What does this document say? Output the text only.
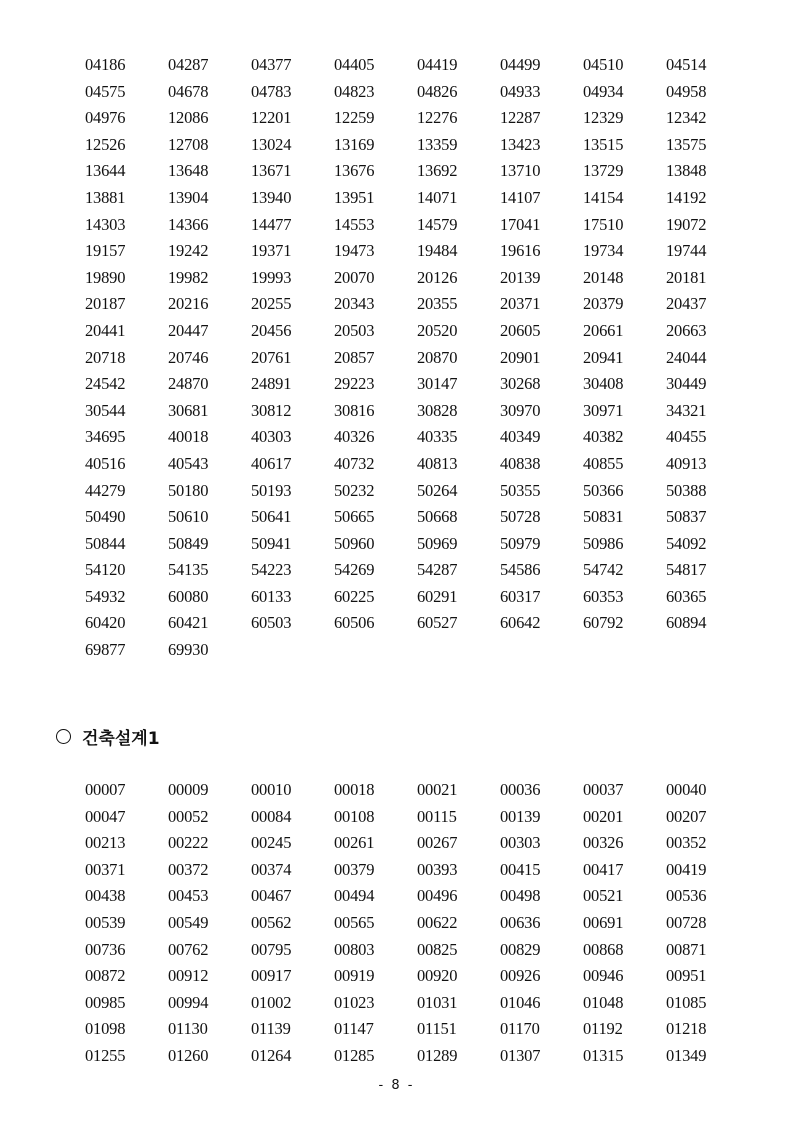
04186	04287	04377	04405	04419	04499	04510	04514
04575	04678	04783	04823	04826	04933	04934	04958
04976	12086	12201	12259	12276	12287	12329	12342
12526	12708	13024	13169	13359	13423	13515	13575
13644	13648	13671	13676	13692	13710	13729	13848
13881	13904	13940	13951	14071	14107	14154	14192
14303	14366	14477	14553	14579	17041	17510	19072
19157	19242	19371	19473	19484	19616	19734	19744
19890	19982	19993	20070	20126	20139	20148	20181
20187	20216	20255	20343	20355	20371	20379	20437
20441	20447	20456	20503	20520	20605	20661	20663
20718	20746	20761	20857	20870	20901	20941	24044
24542	24870	24891	29223	30147	30268	30408	30449
30544	30681	30812	30816	30828	30970	30971	34321
34695	40018	40303	40326	40335	40349	40382	40455
40516	40543	40617	40732	40813	40838	40855	40913
44279	50180	50193	50232	50264	50355	50366	50388
50490	50610	50641	50665	50668	50728	50831	50837
50844	50849	50941	50960	50969	50979	50986	54092
54120	54135	54223	54269	54287	54586	54742	54817
54932	60080	60133	60225	60291	60317	60353	60365
60420	60421	60503	60506	60527	60642	60792	60894
69877	69930
건축설계1
00007	00009	00010	00018	00021	00036	00037	00040
00047	00052	00084	00108	00115	00139	00201	00207
00213	00222	00245	00261	00267	00303	00326	00352
00371	00372	00374	00379	00393	00415	00417	00419
00438	00453	00467	00494	00496	00498	00521	00536
00539	00549	00562	00565	00622	00636	00691	00728
00736	00762	00795	00803	00825	00829	00868	00871
00872	00912	00917	00919	00920	00926	00946	00951
00985	00994	01002	01023	01031	01046	01048	01085
01098	01130	01139	01147	01151	01170	01192	01218
01255	01260	01264	01285	01289	01307	01315	01349
- 8 -
